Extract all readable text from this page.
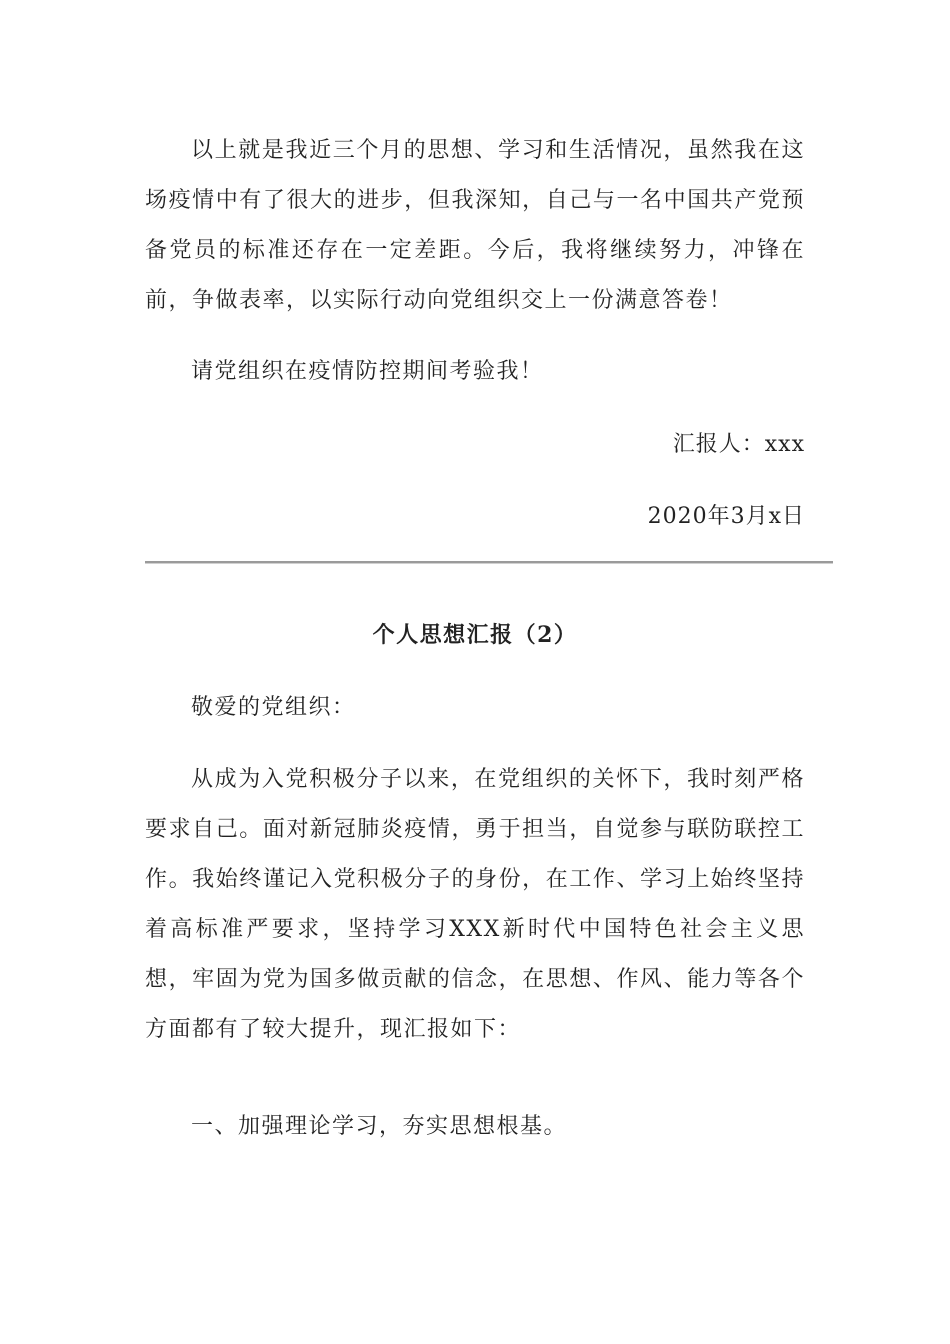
以上就是我近三个月的思想、学习和生活情况，虽然我在这场疫情中有了很大的进步，但我深知，自己与一名中国共产党预备党员的标准还存在一定差距。今后，我将继续努力，冲锋在前，争做表率，以实际行动向党组织交上一份满意答卷！

请党组织在疫情防控期间考验我！

汇报人：xxx
2020年3月x日
个人思想汇报（2）

敬爱的党组织：

从成为入党积极分子以来，在党组织的关怀下，我时刻严格要求自己。面对新冠肺炎疫情，勇于担当，自觉参与联防联控工作。我始终谨记入党积极分子的身份，在工作、学习上始终坚持着高标准严要求，坚持学习XXX新时代中国特色社会主义思想，牢固为党为国多做贡献的信念，在思想、作风、能力等各个方面都有了较大提升，现汇报如下：

一、加强理论学习，夯实思想根基。
